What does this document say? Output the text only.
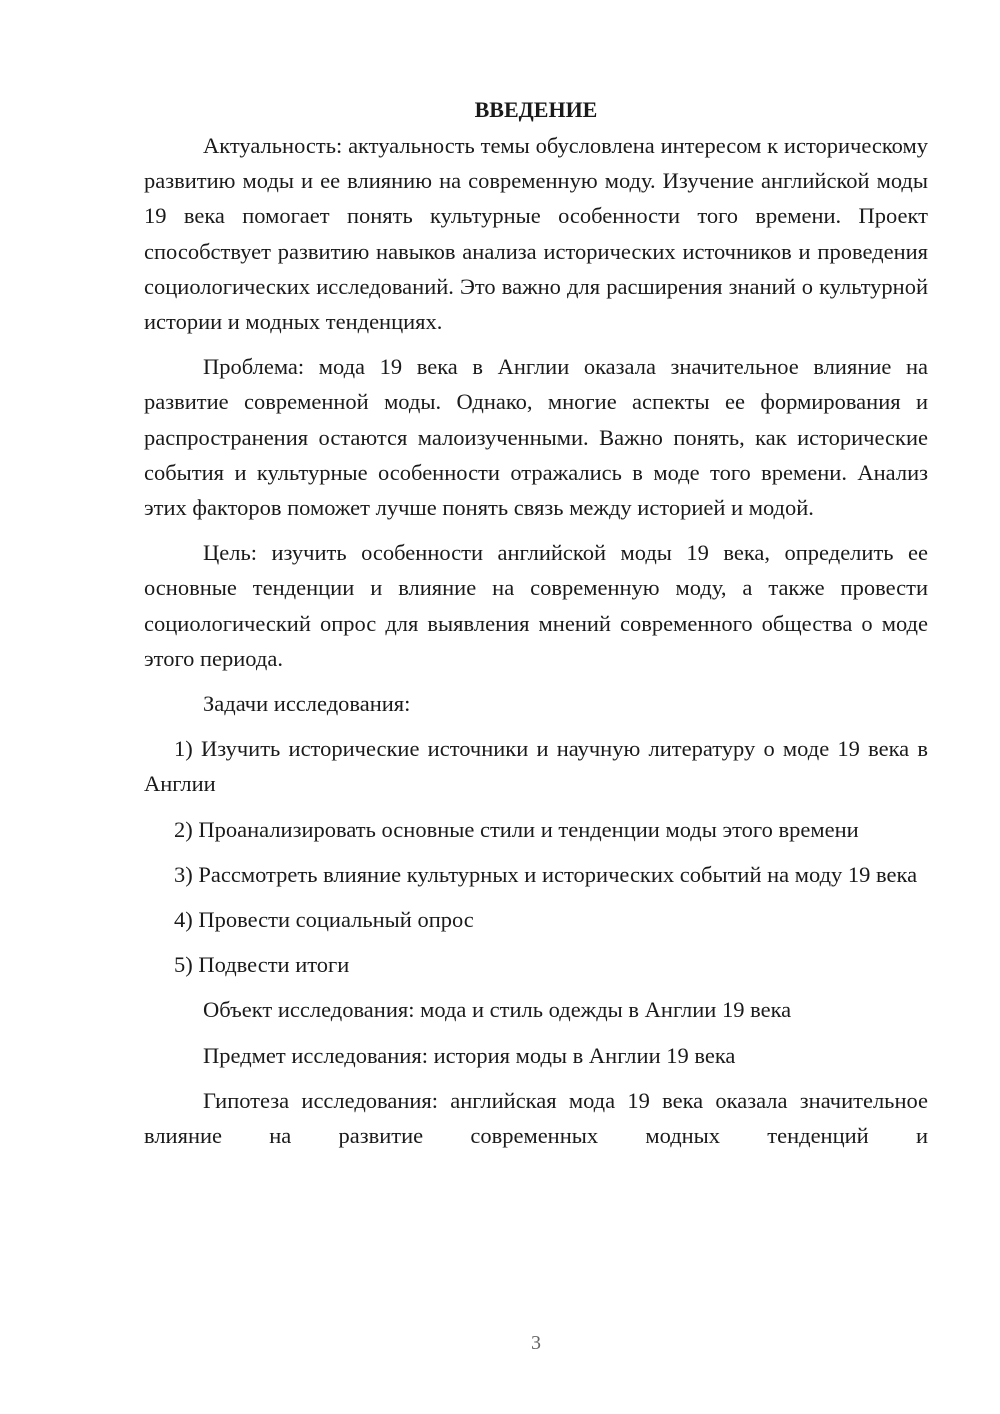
ВВЕДЕНИЕ

Актуальность: актуальность темы обусловлена интересом к историческому развитию моды и ее влиянию на современную моду. Изучение английской моды 19 века помогает понять культурные особенности того времени. Проект способствует развитию навыков анализа исторических источников и проведения социологических исследований. Это важно для расширения знаний о культурной истории и модных тенденциях.

Проблема: мода 19 века в Англии оказала значительное влияние на развитие современной моды. Однако, многие аспекты ее формирования и распространения остаются малоизученными. Важно понять, как исторические события и культурные особенности отражались в моде того времени. Анализ этих факторов поможет лучше понять связь между историей и модой.

Цель: изучить особенности английской моды 19 века, определить ее основные тенденции и влияние на современную моду, а также провести социологический опрос для выявления мнений современного общества о моде этого периода.

Задачи исследования:

1) Изучить исторические источники и научную литературу о моде 19 века в Англии

2) Проанализировать основные стили и тенденции моды этого времени

3) Рассмотреть влияние культурных и исторических событий на моду 19 века

4) Провести социальный опрос

5) Подвести итоги

Объект исследования: мода и стиль одежды в Англии 19 века

Предмет исследования: история моды в Англии 19 века

Гипотеза исследования: английская мода 19 века оказала значительное влияние на развитие современных модных тенденций и

3
